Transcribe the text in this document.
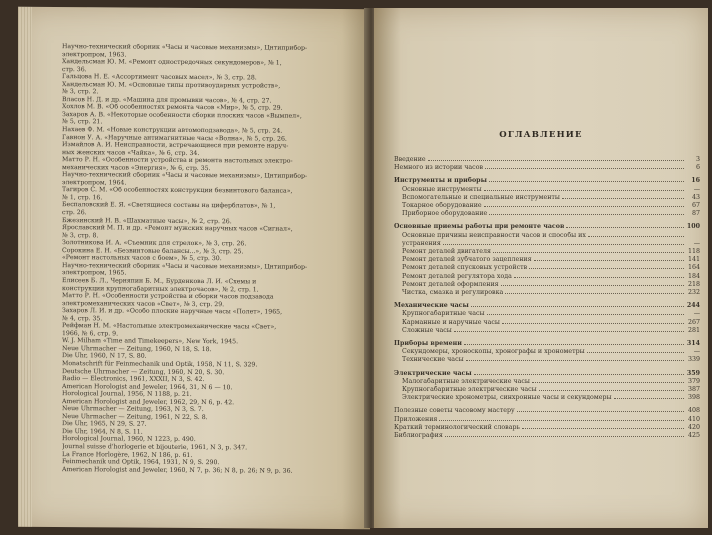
Научно-технический сборник «Часы и часовые механизмы», Цнтиприбор-
электропром, 1963.
Хандельсман Ю. М. «Ремонт одностредочных секундомеров», № 1,
стр. 36.
Гальцова Н. Е. «Ассортимент часовых масел», № 3, стр. 28.
Хандельсман Ю. М. «Основные типы противоударных устройств»,
№ 3, стр. 2.
Власов Н. Д. и др. «Машина для промывки часов», № 4, стр. 27.
Хохлов М. В. «Об особенностях ремонта часов «Мир», № 5, стр. 29.
Захаров А. В. «Некоторые особенности сборки плоских часов «Вымпел»,
№ 5, стр. 21.
Нахаев Ф. М. «Новые конструкции автомоподзавода», № 5, стр. 24.
Гавнон У. А. «Наручные антимагнитные часы «Волна», № 5, стр. 26.
Измайлов А. И. Неисправности, встречающиеся при ремонте наруч-
ных женских часов «Чайка», № 6, стр. 34.
Матто Р. Н. «Особенности устройства и ремонта настольных электро-
механических часов «Энергия», № 6, стр. 35.
Научно-технический сборник «Часы и часовые механизмы», Цнтиприбор-
электропром, 1964.
Тагиров С. М. «Об особенностях конструкции безвинтового баланса»,
№ 1, стр. 16.
Беспаловский Е. Я. «Светящиеся составы на циферблатов», № 1,
стр. 26.
Бжезинский Н. В. «Шахматные часы», № 2, стр. 26.
Ярославский М. П. и др. «Ремонт мужских наручных часов «Сигнал»,
№ 3, стр. 8.
Золотникова И. А. «Съемник для стрелок», № 3, стр. 26.
Сорокина Е. Н. «Безвинтовые балансы...», № 3, стр. 25.
«Ремонт настольных часов с боем», № 5, стр. 30.
Научно-технический сборник «Часы и часовые механизмы», Цнтиприбор-
электропром, 1965.
Елисеев Б. Л., Черняпин Б. М., Бурденкова Л. И. «Схемы и
конструкции крупногабаритных электрочасов», № 2, стр. 1.
Матто Р. Н. «Особенности устройства и сборки часов подзавода
электромеханических часов «Свет», № 3, стр. 29.
Захаров Л. И. и др. «Особо плоские наручные часы «Полет», 1965,
№ 4, стр. 35.
Рейфман Н. М. «Настольные электромеханические часы «Свет»,
1966, № 6, стр. 9.
W. J. Milham «Time and Timekeepers», New York, 1945.
Neue Uhrmacher — Zeitung, 1960, N 18, S. 18.
Die Uhr, 1960, N 17, S. 80.
Monatschrift für Feinmechanik und Optik, 1958, N 11, S. 329.
Deutsche Uhrmacher — Zeitung, 1960, N 20, S. 30.
Radio — Electronics, 1961, XXXII, N 3, S. 42.
American Horologist and Jeweler, 1964, 31, N 6 — 10.
Horological Journal, 1956, N 1188, p. 21.
American Horologist and Jeweler, 1962, 29, N 6, p. 42.
Neue Uhrmacher — Zeitung, 1963, N 3, S. 7.
Neue Uhrmacher — Zeitung, 1961, N 22, S. 8.
Die Uhr, 1965, N 29, S. 27.
Die Uhr, 1964, N 8, S. 11.
Horological Journal, 1960, N 1223, p. 490.
Journal suisse d'horlogerie et bijouterie, 1961, N 3, p. 347.
La France Horlogère, 1962, N 186, p. 61.
Feinmechanik und Optik, 1964, 1931, N 9, S. 290.
American Horologist and Jeweler, 1960, N 7, p. 36; N 8, p. 26; N 9, p. 36.
ОГЛАВЛЕНИЕ
Введение	3
Немного из истории часов	6
Инструменты и приборы	16
Основные инструменты	—
Вспомогательные и специальные инструменты	43
Токарное оборудование	67
Приборное оборудование	87
Основные приемы работы при ремонте часов	100
Основные причины неисправности часов и способы их
устранения	—
Ремонт деталей двигателя	118
Ремонт деталей зубчатого зацепления	141
Ремонт деталей спусковых устройств	164
Ремонт деталей регулятора хода	184
Ремонт деталей оформления	218
Чистка, смазка и регулировка	232
Механические часы	244
Крупногабаритные часы	—
Карманные и наручные часы	267
Сложные часы	281
Приборы времени	314
Секундомеры, хроноскопы, хронографы и хронометры	—
Технические часы	339
Электрические часы	359
Малогабаритные электрические часы	379
Крупногабаритные электрические часы	387
Электрические хронометры, синхронные часы и секундомеры	398
Полезные советы часовому мастеру	408
Приложения	410
Краткий терминологический словарь	420
Библиография	425
